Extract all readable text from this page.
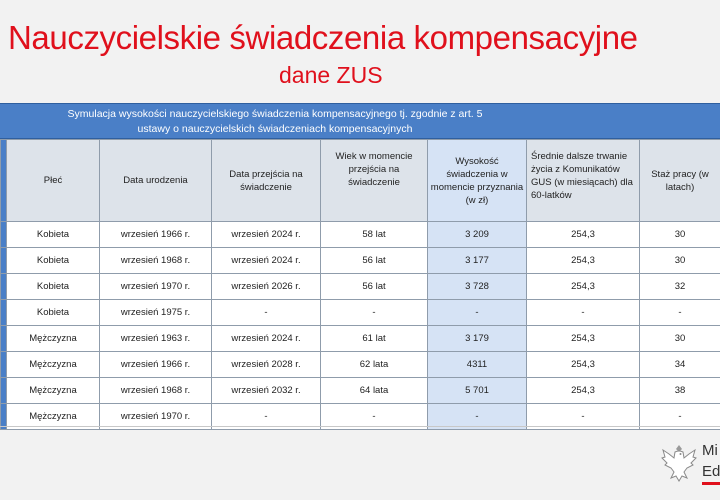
Nauczycielskie świadczenia kompensacyjne
dane ZUS
Symulacja wysokości nauczycielskiego świadczenia kompensacyjnego tj. zgodnie z art. 5
ustawy o nauczycielskich świadczeniach kompensacyjnych
	Płeć	Data urodzenia	Data przejścia na świadczenie	Wiek w momencie przejścia na świadczenie	Wysokość świadczenia w momencie przyznania (w zł)	Średnie dalsze trwanie życia z Komunikatów GUS (w miesiącach) dla 60-latków	Staż pracy (w latach)
	Kobieta	wrzesień 1966 r.	wrzesień 2024 r.	58 lat	3 209	254,3	30
	Kobieta	wrzesień 1968 r.	wrzesień 2024 r.	56 lat	3 177	254,3	30
	Kobieta	wrzesień 1970 r.	wrzesień 2026 r.	56 lat	3 728	254,3	32
	Kobieta	wrzesień 1975 r.	-	-	-	-	-
	Mężczyzna	wrzesień 1963 r.	wrzesień 2024 r.	61 lat	3 179	254,3	30
	Mężczyzna	wrzesień 1966 r.	wrzesień 2028 r.	62 lata	4311	254,3	34
	Mężczyzna	wrzesień 1968 r.	wrzesień 2032 r.	64 lata	5 701	254,3	38
	Mężczyzna	wrzesień 1970 r.	-	-	-	-	-
Mi
Ed
